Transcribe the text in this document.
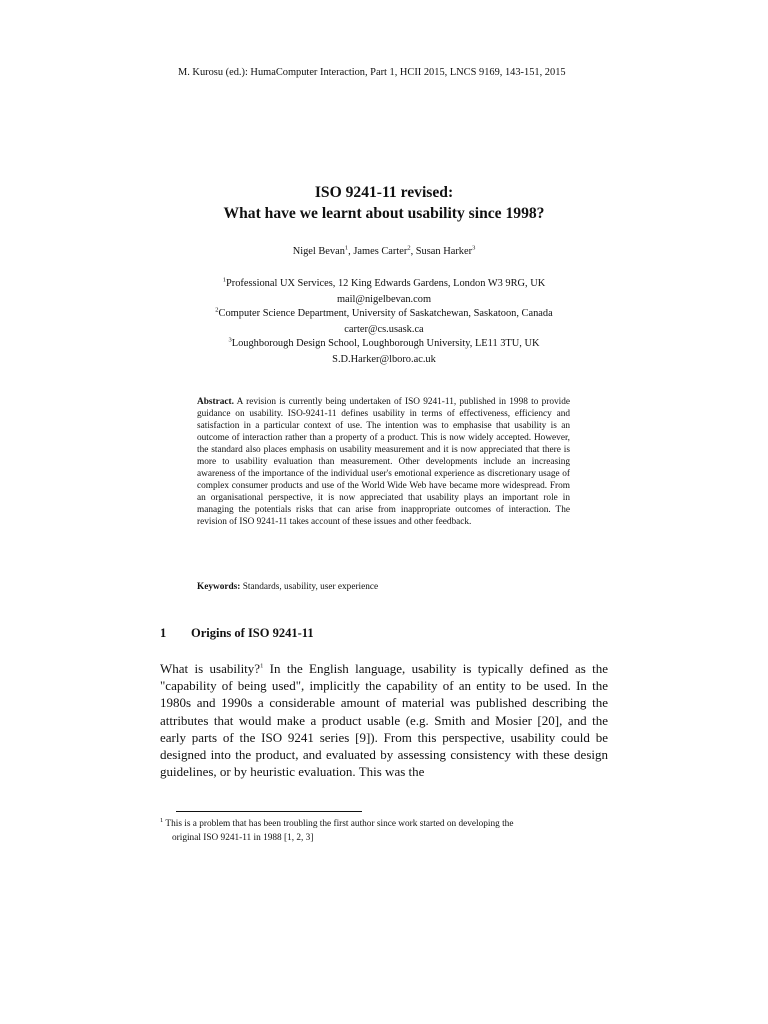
M. Kurosu (ed.): HumaComputer Interaction, Part 1, HCII 2015, LNCS 9169, 143-151, 2015
ISO 9241-11 revised:
What have we learnt about usability since 1998?
Nigel Bevan$^1$, James Carter$^2$, Susan Harker$^3$
$^1$Professional UX Services, 12 King Edwards Gardens, London W3 9RG, UK
mail@nigelbevan.com
$^2$Computer Science Department, University of Saskatchewan, Saskatoon, Canada
carter@cs.usask.ca
$^3$Loughborough Design School, Loughborough University, LE11 3TU, UK
S.D.Harker@lboro.ac.uk
Abstract. A revision is currently being undertaken of ISO 9241-11, published in 1998 to provide guidance on usability. ISO-9241-11 defines usability in terms of effectiveness, efficiency and satisfaction in a particular context of use. The intention was to emphasise that usability is an outcome of interaction rather than a property of a product. This is now widely accepted. However, the standard also places emphasis on usability measurement and it is now appreciated that there is more to usability evaluation than measurement. Other developments include an increasing awareness of the importance of the individual user's emotional experience as discretionary usage of complex consumer products and use of the World Wide Web have became more widespread. From an organisational perspective, it is now appreciated that usability plays an important role in managing the potentials risks that can arise from inappropriate outcomes of interaction. The revision of ISO 9241-11 takes account of these issues and other feedback.
Keywords: Standards, usability, user experience
1 Origins of ISO 9241-11
What is usability?$^1$ In the English language, usability is typically defined as the "capability of being used", implicitly the capability of an entity to be used. In the 1980s and 1990s a considerable amount of material was published describing the attributes that would make a product usable (e.g. Smith and Mosier [20], and the early parts of the ISO 9241 series [9]). From this perspective, usability could be designed into the product, and evaluated by assessing consistency with these design guidelines, or by heuristic evaluation. This was the
$^1$ This is a problem that has been troubling the first author since work started on developing the
original ISO 9241-11 in 1988 [1, 2, 3]
